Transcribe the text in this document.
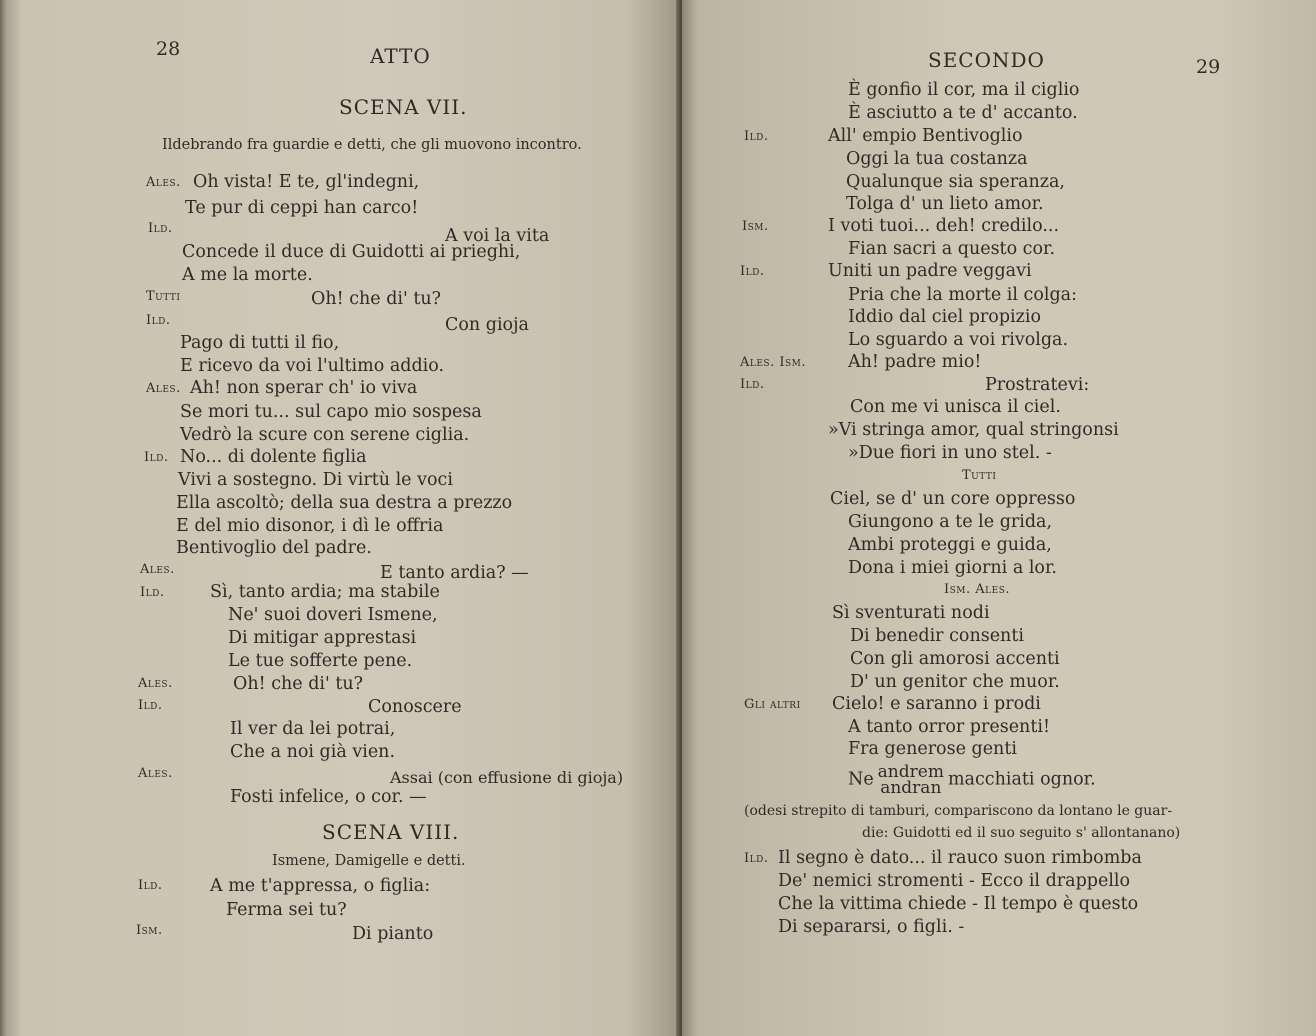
28	ATTO
SCENA VII.
Ildebrando fra guardie e detti, che gli muovono incontro.
Ales. Oh vista! E te, gl'indegni,
Te pur di ceppi han carco!
Ild.	A voi la vita
Concede il duce di Guidotti ai prieghi,
A me la morte.
Tutti	Oh! che di' tu?
Ild.	Con gioja
Pago di tutti il fio,
E ricevo da voi l'ultimo addio.
Ales. Ah! non sperar ch' io viva
Se mori tu... sul capo mio sospesa
Vedrò la scure con serene ciglia.
Ild. No... di dolente figlia
Vivi a sostegno. Di virtù le voci
Ella ascoltò; della sua destra a prezzo
E del mio disonor, i dì le offria
Bentivoglio del padre.
Ales.	E tanto ardia? —
Ild.	Sì, tanto ardia; ma stabile
Ne' suoi doveri Ismene,
Di mitigar apprestasi
Le tue sofferte pene.
Ales.	Oh! che di' tu?
Ild.	Conoscere
Il ver da lei potrai,
Che a noi già vien.
Ales.	Assai (con effusione di gioja)
Fosti infelice, o cor. —
SCENA VIII.
Ismene, Damigelle e detti.
Ild.	A me t'appressa, o figlia:
Ferma sei tu?
Ism.	Di pianto
SECONDO	29
È gonfio il cor, ma il ciglio
È asciutto a te d' accanto.
Ild.	All' empio Bentivoglio
Oggi la tua costanza
Qualunque sia speranza,
Tolga d' un lieto amor.
Ism.	I voti tuoi... deh! credilo...
Fian sacri a questo cor.
Ild.	Uniti un padre veggavi
Pria che la morte il colga:
Iddio dal ciel propizio
Lo sguardo a voi rivolga.
Ales. Ism. Ah! padre mio!
Ild.	Prostratevi:
Con me vi unisca il ciel.
»Vi stringa amor, qual stringonsi
»Due fiori in uno stel. -
Tutti
Ciel, se d' un core oppresso
Giungono a te le grida,
Ambi proteggi e guida,
Dona i miei giorni a lor.
Ism. Ales.
Sì sventurati nodi
Di benedir consenti
Con gli amorosi accenti
D' un genitor che muor.
Gli altri Cielo! e saranno i prodi
A tanto orror presenti!
Fra generose genti
Ne andrem
andran macchiati ognor.
(odesi strepito di tamburi, compariscono da lontano le guar-
die: Guidotti ed il suo seguito s' allontanano)
Ild. Il segno è dato... il rauco suon rimbomba
De' nemici stromenti - Ecco il drappello
Che la vittima chiede - Il tempo è questo
Di separarsi, o figli. -
